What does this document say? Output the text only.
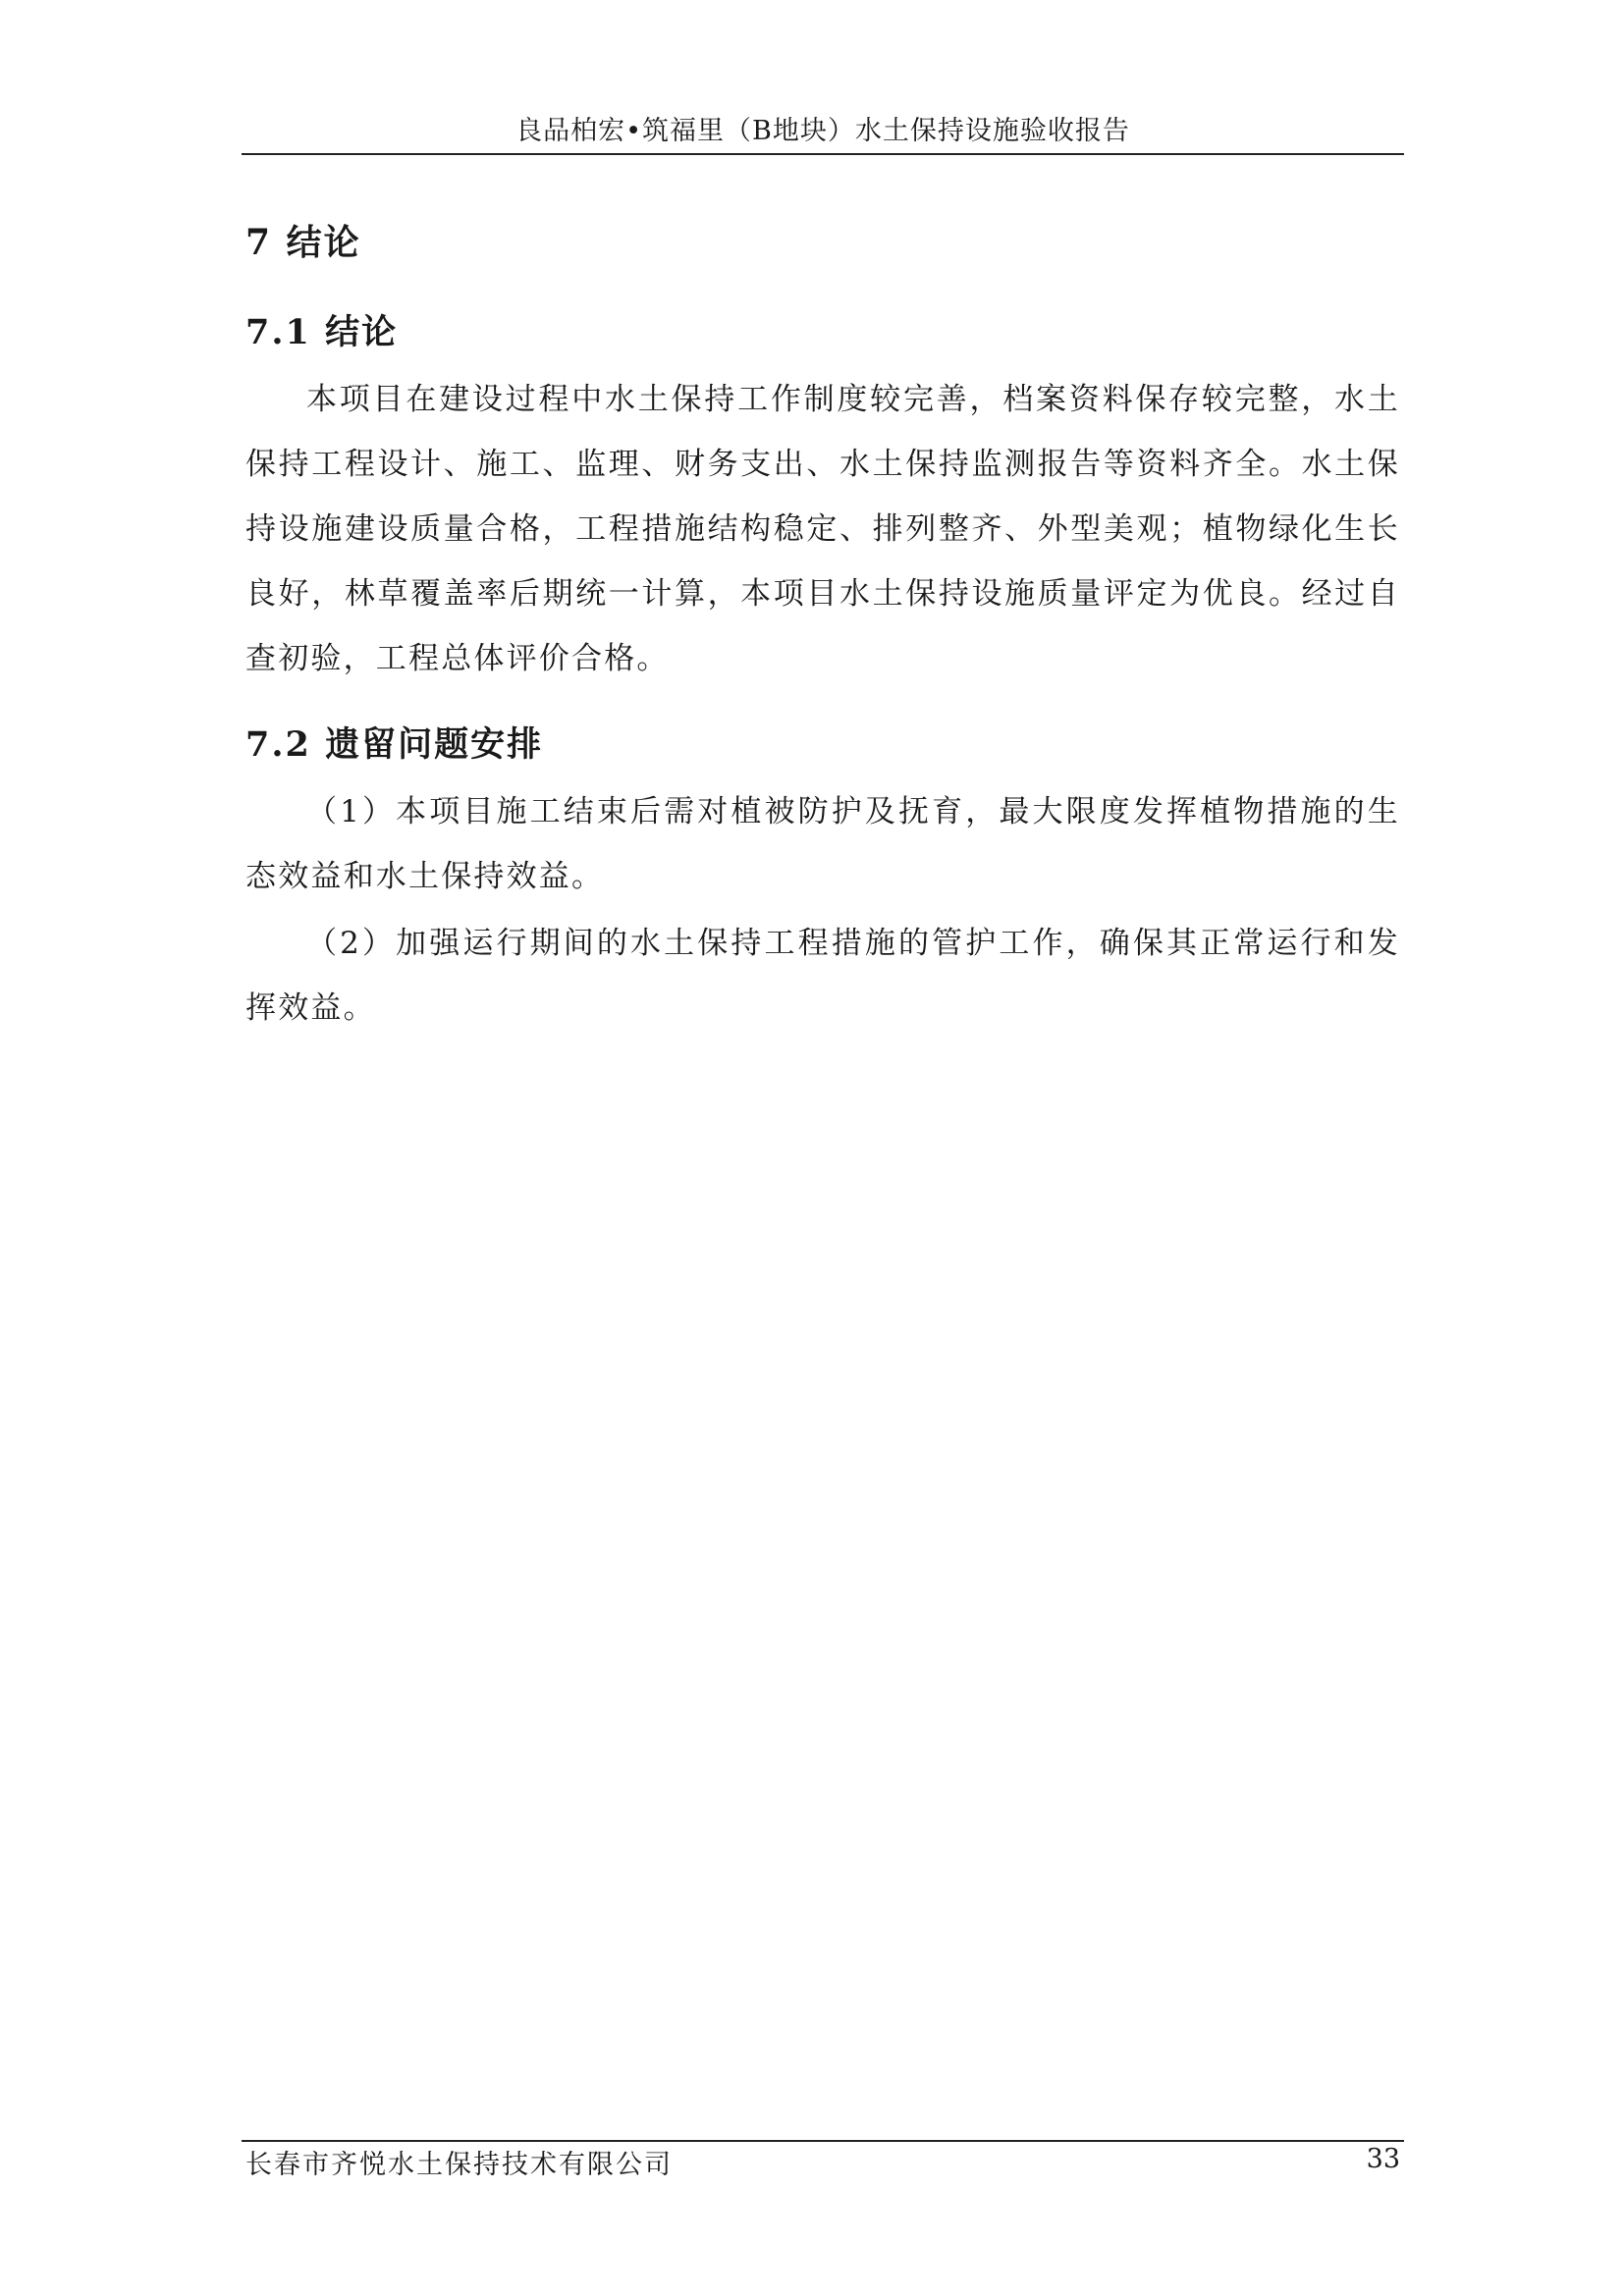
良品柏宏•筑福里（B地块）水土保持设施验收报告
7 结论
7.1 结论

本项目在建设过程中水土保持工作制度较完善，档案资料保存较完整，水土保持工程设计、施工、监理、财务支出、水土保持监测报告等资料齐全。水土保持设施建设质量合格，工程措施结构稳定、排列整齐、外型美观；植物绿化生长良好，林草覆盖率后期统一计算，本项目水土保持设施质量评定为优良。经过自查初验，工程总体评价合格。

7.2 遗留问题安排

（1）本项目施工结束后需对植被防护及抚育，最大限度发挥植物措施的生态效益和水土保持效益。

（2）加强运行期间的水土保持工程措施的管护工作，确保其正常运行和发挥效益。

长春市齐悦水土保持技术有限公司	33
